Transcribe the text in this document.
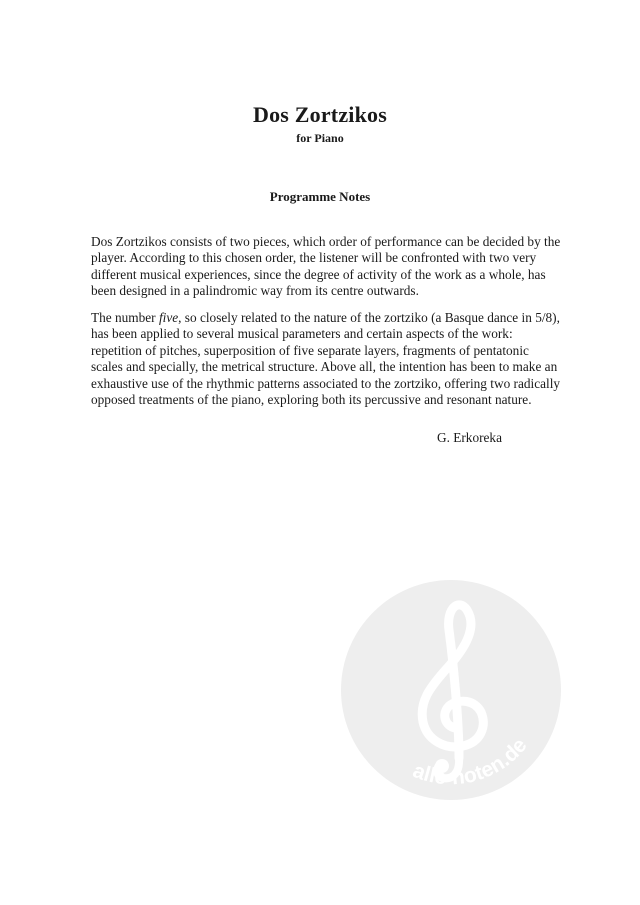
Dos Zortzikos

for Piano

Programme Notes

Dos Zortzikos consists of two pieces, which order of performance can be decided by the
player. According to this chosen order, the listener will be confronted with two very
different musical experiences, since the degree of activity of the work as a whole, has
been designed in a palindromic way from its centre outwards.

The number five, so closely related to the nature of the zortziko (a Basque dance in 5/8),
has been applied to several musical parameters and certain aspects of the work:
repetition of pitches, superposition of five separate layers, fragments of pentatonic
scales and specially, the metrical structure. Above all, the intention has been to make an
exhaustive use of the rhythmic patterns associated to the zortziko, offering two radically
opposed treatments of the piano, exploring both its percussive and resonant nature.

G. Erkoreka

alle-noten.de
